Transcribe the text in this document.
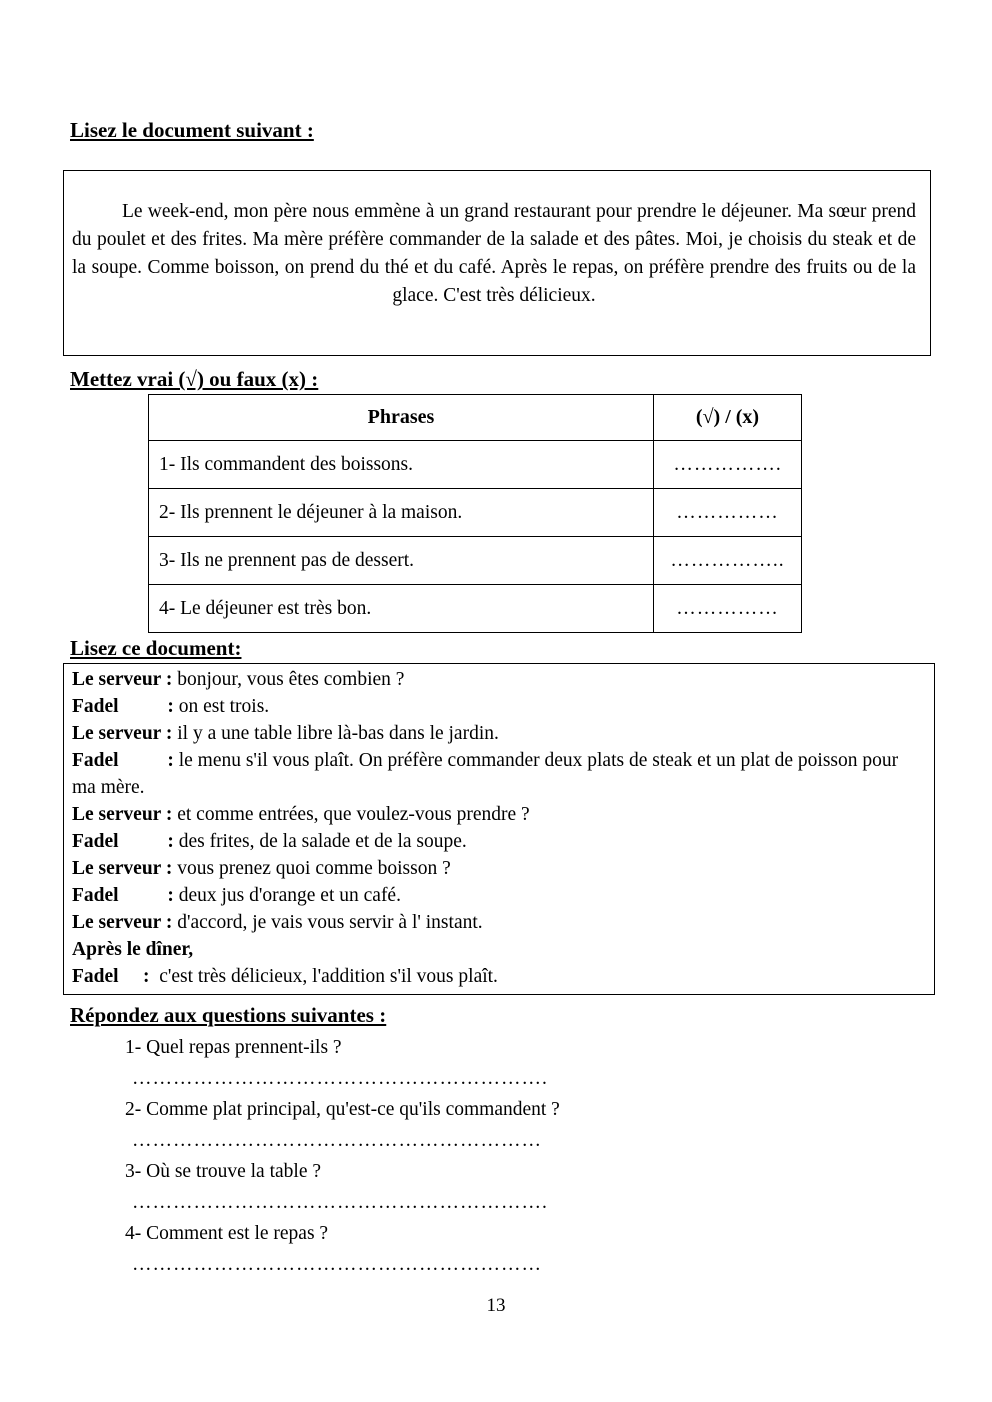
Lisez le document suivant :

Le week-end, mon père nous emmène à un grand restaurant pour prendre le déjeuner. Ma sœur prend du poulet et des frites. Ma mère préfère commander de la salade et des pâtes. Moi, je choisis du steak et de la soupe. Comme boisson, on prend du thé et du café. Après le repas, on préfère prendre des fruits ou de la glace. C'est très délicieux.

Mettez vrai (√) ou faux (x) :
Phrases	(√) / (x)
1- Ils commandent des boissons.	…………….
2- Ils prennent le déjeuner à la maison.	……………
3- Ils ne prennent pas de dessert.	……………..
4- Le déjeuner est très bon.	……………
Lisez ce document:

Le serveur : bonjour, vous êtes combien ?

Fadel          : on est trois.

Le serveur : il y a une table libre là-bas dans le jardin.

Fadel          : le menu s'il vous plaît. On préfère commander deux plats de steak et un plat de poisson pour ma mère.

Le serveur : et comme entrées, que voulez-vous prendre ?

Fadel          : des frites, de la salade et de la soupe.

Le serveur : vous prenez quoi comme boisson ?

Fadel          : deux jus d'orange et un café.

Le serveur : d'accord, je vais vous servir à l' instant.

Après le dîner,

Fadel     :  c'est très délicieux, l'addition s'il vous plaît.

Répondez aux questions suivantes :

1- Quel repas prennent-ils ?

…………………………………………………….

2- Comme plat principal, qu'est-ce qu'ils commandent ?

……………………………………………………

3- Où se trouve la table ?

…………………………………………………….

4- Comment est le repas ?

……………………………………………………

13
